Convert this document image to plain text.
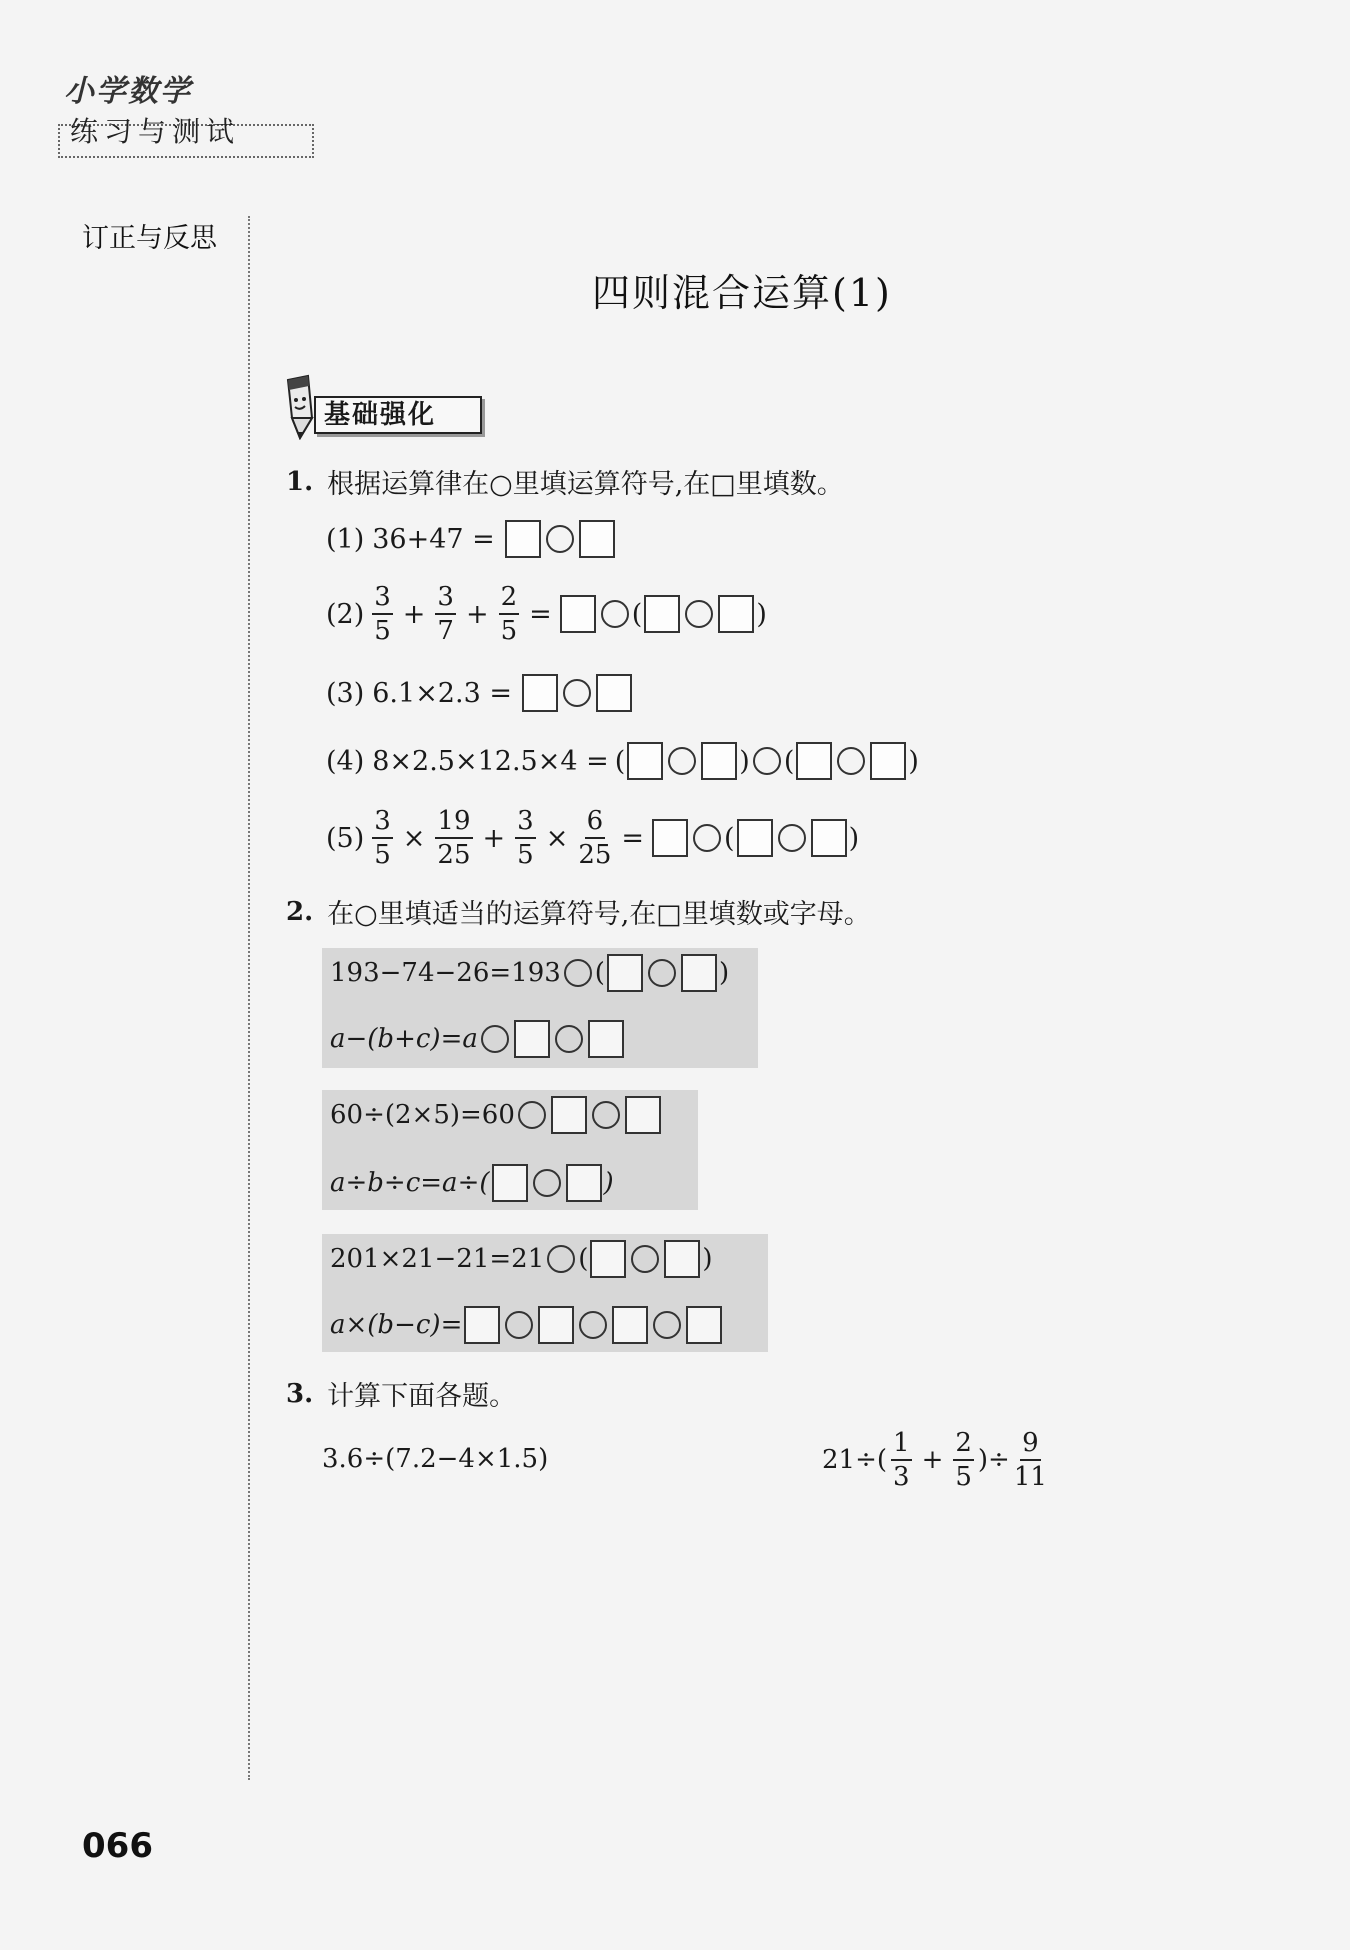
小学数学
练习与测试
订正与反思
四则混合运算(1)
基础强化
1. 根据运算律在○里填运算符号,在□里填数。
(1) 36+47 =
$(2) \frac{3}{5} + \frac{3}{7} + \frac{2}{5}$ =	(	)
(3) 6.1×2.3 =
(4) 8×2.5×12.5×4 = (	) (	)
$(5) \frac{3}{5} \times \frac{19}{25} + \frac{3}{5} \times \frac{6}{25}$ =	(	)
2. 在○里填适当的运算符号,在□里填数或字母。
193−74−26=193 (	)
a−(b+c)=a
60÷(2×5)=60
a÷b÷c=a÷(	)
201×21−21=21 (	)
a×(b−c)=
3. 计算下面各题。
3.6÷(7.2−4×1.5)	$21\div( \frac{1}{3} + \frac{2}{5}$ )÷ $\frac{9}{11}$
066
